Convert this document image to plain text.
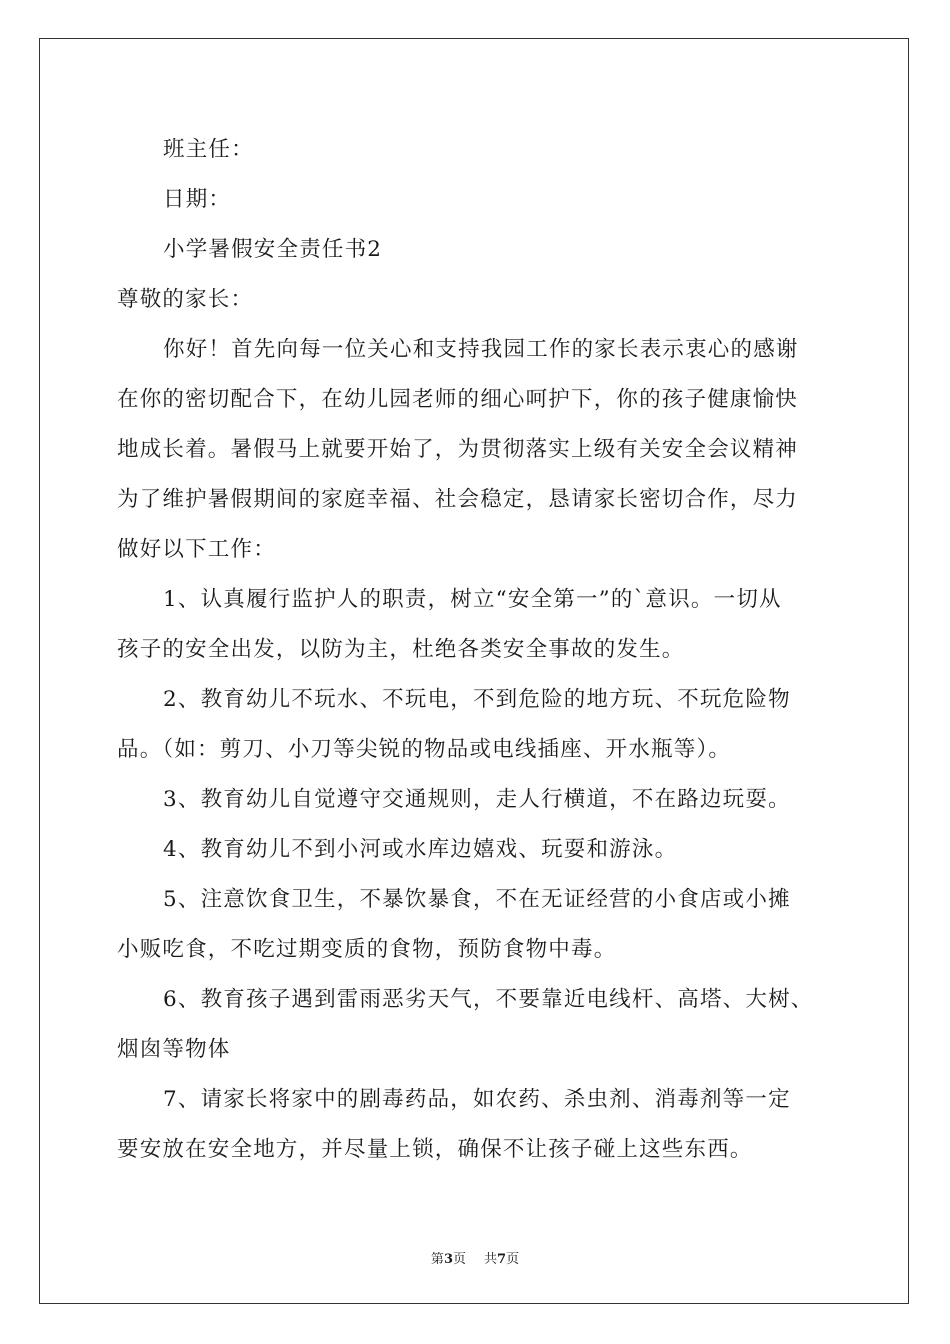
班主任：
日期：
小学暑假安全责任书2
尊敬的家长：
你好！首先向每一位关心和支持我园工作的家长表示衷心的感谢
在你的密切配合下，在幼儿园老师的细心呵护下，你的孩子健康愉快
地成长着。暑假马上就要开始了，为贯彻落实上级有关安全会议精神
为了维护暑假期间的家庭幸福、社会稳定，恳请家长密切合作，尽力
做好以下工作：
1、认真履行监护人的职责，树立“安全第一”的`意识。一切从
孩子的安全出发，以防为主，杜绝各类安全事故的发生。
2、教育幼儿不玩水、不玩电，不到危险的地方玩、不玩危险物
品。（如：剪刀、小刀等尖锐的物品或电线插座、开水瓶等）。
3、教育幼儿自觉遵守交通规则，走人行横道，不在路边玩耍。
4、教育幼儿不到小河或水库边嬉戏、玩耍和游泳。
5、注意饮食卫生，不暴饮暴食，不在无证经营的小食店或小摊
小贩吃食，不吃过期变质的食物，预防食物中毒。
6、教育孩子遇到雷雨恶劣天气，不要靠近电线杆、高塔、大树、
烟囱等物体
7、请家长将家中的剧毒药品，如农药、杀虫剂、消毒剂等一定
要安放在安全地方，并尽量上锁，确保不让孩子碰上这些东西。
第3页 共7页
